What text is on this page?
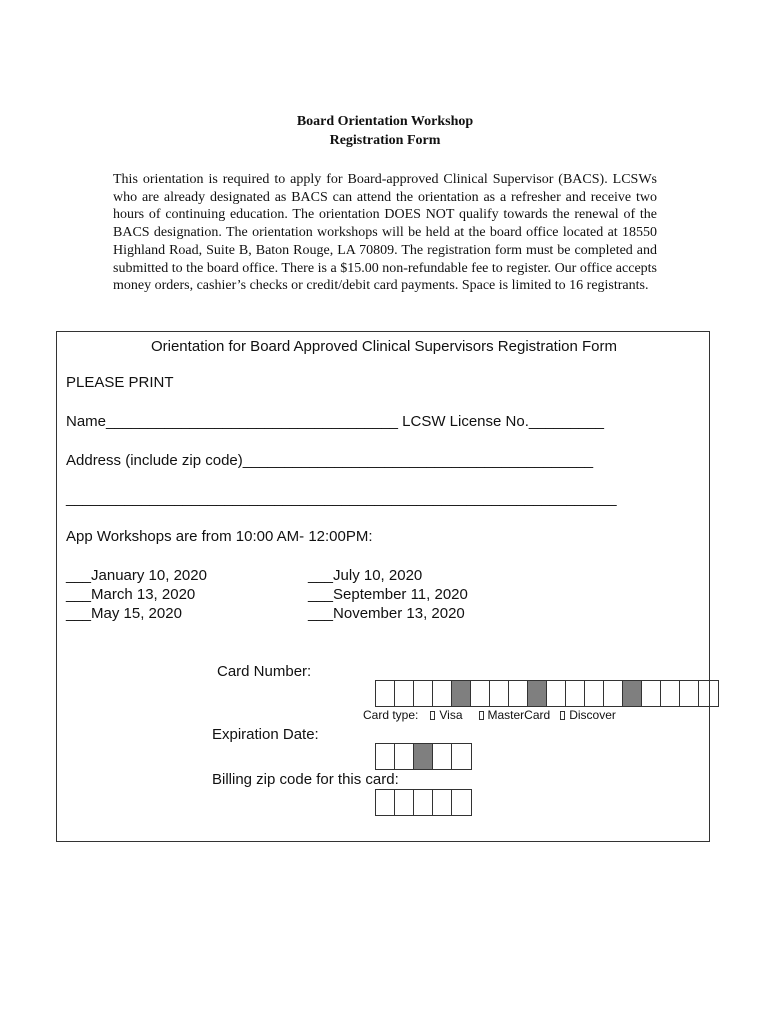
Board Orientation Workshop
Registration Form

This orientation is required to apply for Board-approved Clinical Supervisor (BACS). LCSWs who are already designated as BACS can attend the orientation as a refresher and receive two hours of continuing education. The orientation DOES NOT qualify towards the renewal of the BACS designation. The orientation workshops will be held at the board office located at 18550 Highland Road, Suite B, Baton Rouge, LA 70809. The registration form must be completed and submitted to the board office. There is a $15.00 non-refundable fee to register. Our office accepts money orders, cashier’s checks or credit/debit card payments. Space is limited to 16 registrants.

Orientation for Board Approved Clinical Supervisors Registration Form
PLEASE PRINT
Name___________________________________ LCSW License No._________
Address (include zip code)__________________________________________
__________________________________________________________________
App Workshops are from 10:00 AM- 12:00PM:
___January 10, 2020
___March 13, 2020
___May 15, 2020
___July 10, 2020
___September 11, 2020
___November 13, 2020
Card Number:
Card type: Visa MasterCard Discover
Expiration Date:
Billing zip code for this card:
